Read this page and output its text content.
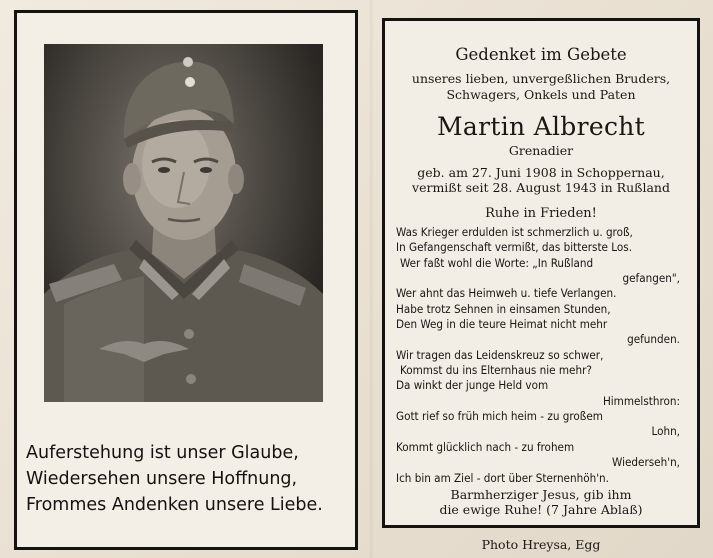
Auferstehung ist unser Glaube,
Wiedersehen unsere Hoffnung,
Frommes Andenken unsere Liebe.
Gedenket im Gebete
unseres lieben, unvergeßlichen Bruders,
Schwagers, Onkels und Paten
Martin Albrecht
Grenadier
geb. am 27. Juni 1908 in Schoppernau,
vermißt seit 28. August 1943 in Rußland
Ruhe in Frieden!
Was Krieger erdulden ist schmerzlich u. groß,
In Gefangenschaft vermißt, das bitterste Los.
Wer faßt wohl die Worte: „In Rußland
gefangen",
Wer ahnt das Heimweh u. tiefe Verlangen.
Habe trotz Sehnen in einsamen Stunden,
Den Weg in die teure Heimat nicht mehr
gefunden.
Wir tragen das Leidenskreuz so schwer,
Kommst du ins Elternhaus nie mehr?
Da winkt der junge Held vom
Himmelsthron:
Gott rief so früh mich heim - zu großem
Lohn,
Kommt glücklich nach - zu frohem
Wiederseh'n,
Ich bin am Ziel - dort über Sternenhöh'n.
Barmherziger Jesus, gib ihm
die ewige Ruhe! (7 Jahre Ablaß)
Photo Hreysa, Egg
